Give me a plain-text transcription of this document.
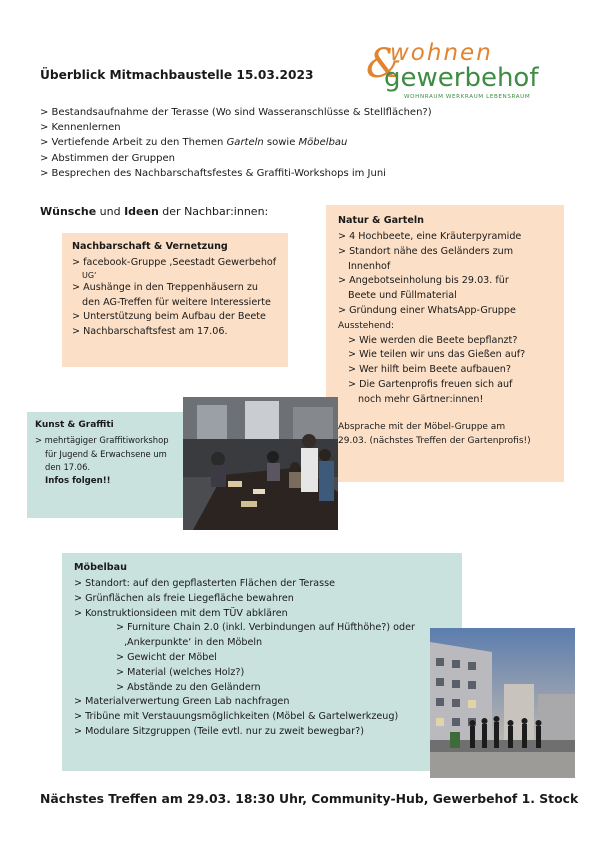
&
wohnen
gewerbehof
WOHNRAUM WERKRAUM LEBENSRAUM
Überblick Mitmachbaustelle 15.03.2023
> Bestandsaufnahme der Terasse (Wo sind Wasseranschlüsse & Stellflächen?)
> Kennenlernen
> Vertiefende Arbeit zu den Themen Garteln sowie Möbelbau
> Abstimmen der Gruppen
> Besprechen des Nachbarschaftsfestes & Graffiti-Workshops im Juni
Wünsche und Ideen der Nachbar:innen:
Nachbarschaft & Vernetzung
> facebook-Gruppe ‚Seestadt Gewerbehof
UG‘
> Aushänge in den Treppenhäusern zu
den AG-Treffen für weitere Interessierte
> Unterstützung beim Aufbau der Beete
> Nachbarschaftsfest am 17.06.
Natur & Garteln
> 4 Hochbeete, eine Kräuterpyramide
> Standort nähe des Geländers zum
Innenhof
> Angebotseinholung bis 29.03. für
Beete und Füllmaterial
> Gründung einer WhatsApp-Gruppe
Ausstehend:
> Wie werden die Beete bepflanzt?
> Wie teilen wir uns das Gießen auf?
> Wer hilft beim Beete aufbauen?
> Die Gartenprofis freuen sich auf
noch mehr Gärtner:innen!
Absprache mit der Möbel-Gruppe am
29.03. (nächstes Treffen der Gartenprofis!)
Kunst & Graffiti
> mehrtägiger Graffitiworkshop
für Jugend & Erwachsene um
den 17.06.
Infos folgen!!
Möbelbau
> Standort: auf den gepflasterten Flächen der Terasse
> Grünflächen als freie Liegefläche bewahren
> Konstruktionsideen mit dem TÜV abklären
> Furniture Chain 2.0 (inkl. Verbindungen auf Hüfthöhe?) oder
‚Ankerpunkte‘ in den Möbeln
> Gewicht der Möbel
> Material (welches Holz?)
> Abstände zu den Geländern
> Materialverwertung Green Lab nachfragen
> Tribüne mit Verstauungsmöglichkeiten (Möbel & Gartelwerkzeug)
> Modulare Sitzgruppen (Teile evtl. nur zu zweit bewegbar?)
Nächstes Treffen am 29.03. 18:30 Uhr, Community-Hub, Gewerbehof 1. Stock
